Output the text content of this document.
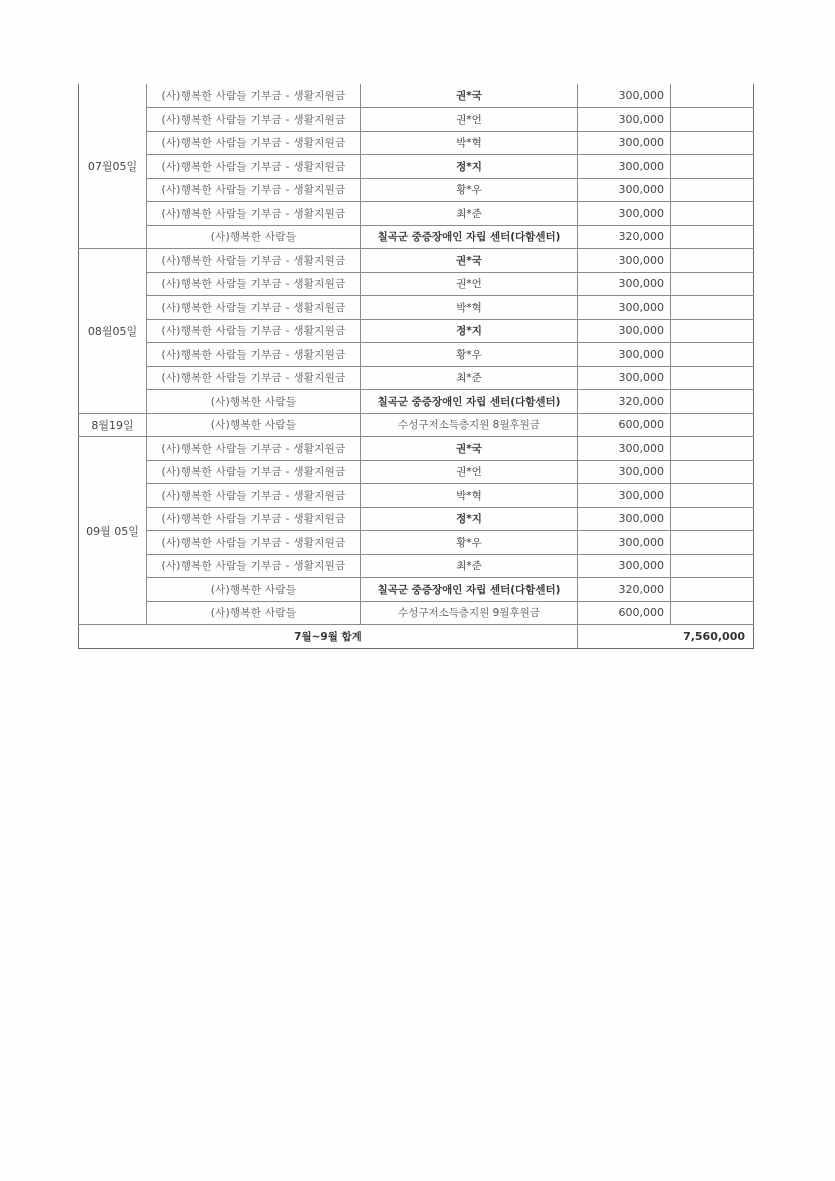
07월05일	(사)행복한 사람들 기부금 - 생활지원금	권*국	300,000	
	(사)행복한 사람들 기부금 - 생활지원금	권*언	300,000	
	(사)행복한 사람들 기부금 - 생활지원금	박*혁	300,000	
	(사)행복한 사람들 기부금 - 생활지원금	정*지	300,000	
	(사)행복한 사람들 기부금 - 생활지원금	황*우	300,000	
	(사)행복한 사람들 기부금 - 생활지원금	최*준	300,000	
	(사)행복한 사람들	칠곡군 중증장애인 자립 센터(다함센터)	320,000	
08월05일	(사)행복한 사람들 기부금 - 생활지원금	권*국	300,000	
	(사)행복한 사람들 기부금 - 생활지원금	권*언	300,000	
	(사)행복한 사람들 기부금 - 생활지원금	박*혁	300,000	
	(사)행복한 사람들 기부금 - 생활지원금	정*지	300,000	
	(사)행복한 사람들 기부금 - 생활지원금	황*우	300,000	
	(사)행복한 사람들 기부금 - 생활지원금	최*준	300,000	
	(사)행복한 사람들	칠곡군 중증장애인 자립 센터(다함센터)	320,000	
8월19일	(사)행복한 사람들	수성구저소득층지원 8월후원금	600,000	
09월 05일	(사)행복한 사람들 기부금 - 생활지원금	권*국	300,000	
	(사)행복한 사람들 기부금 - 생활지원금	권*언	300,000	
	(사)행복한 사람들 기부금 - 생활지원금	박*혁	300,000	
	(사)행복한 사람들 기부금 - 생활지원금	정*지	300,000	
	(사)행복한 사람들 기부금 - 생활지원금	황*우	300,000	
	(사)행복한 사람들 기부금 - 생활지원금	최*준	300,000	
	(사)행복한 사람들	칠곡군 중증장애인 자립 센터(다함센터)	320,000	
	(사)행복한 사람들	수성구저소득층지원 9월후원금	600,000	
7월~9월 합계			7,560,000	
